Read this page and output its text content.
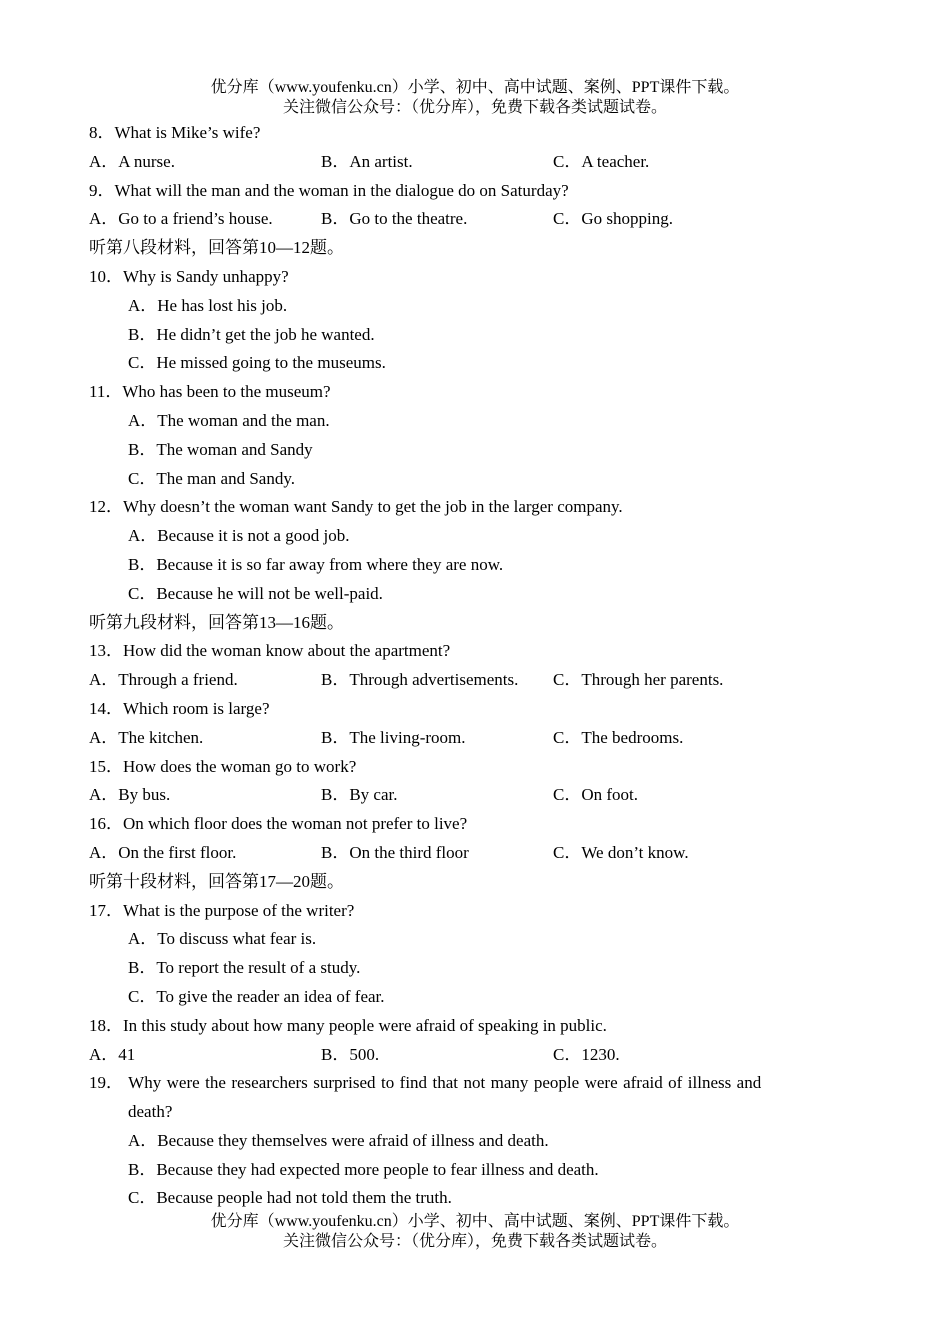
优分库（www.youfenku.cn）小学、初中、高中试题、案例、PPT课件下载。
关注微信公众号：（优分库），免费下载各类试题试卷。
8．What is Mike’s wife?
A．A nurse.	B．An artist.	C．A teacher.
9．What will the man and the woman in the dialogue do on Saturday?
A．Go to a friend’s house.	B．Go to the theatre.	C．Go shopping.
听第八段材料，回答第10—12题。
10．Why is Sandy unhappy?
A．He has lost his job.
B．He didn’t get the job he wanted.
C．He missed going to the museums.
11．Who has been to the museum?
A．The woman and the man.
B．The woman and Sandy
C．The man and Sandy.
12．Why doesn’t the woman want Sandy to get the job in the larger company.
A．Because it is not a good job.
B．Because it is so far away from where they are now.
C．Because he will not be well-paid.
听第九段材料，回答第13—16题。
13．How did the woman know about the apartment?
A．Through a friend.	B．Through advertisements. C．Through her parents.
14．Which room is large?
A．The kitchen.	B．The living-room.	C．The bedrooms.
15．How does the woman go to work?
A．By bus.	B．By car.	C．On foot.
16．On which floor does the woman not prefer to live?
A．On the first floor.	B．On the third floor	C．We don’t know.
听第十段材料，回答第17—20题。
17．What is the purpose of the writer?
A．To discuss what fear is.
B．To report the result of a study.
C．To give the reader an idea of fear.
18．In this study about how many people were afraid of speaking in public.
A．41	B．500.	C．1230.
19． Why were the researchers surprised to find that not many people were afraid of illness and
death?
A．Because they themselves were afraid of illness and death.
B．Because they had expected more people to fear illness and death.
C．Because people had not told them the truth.
优分库（www.youfenku.cn）小学、初中、高中试题、案例、PPT课件下载。
关注微信公众号：（优分库），免费下载各类试题试卷。
